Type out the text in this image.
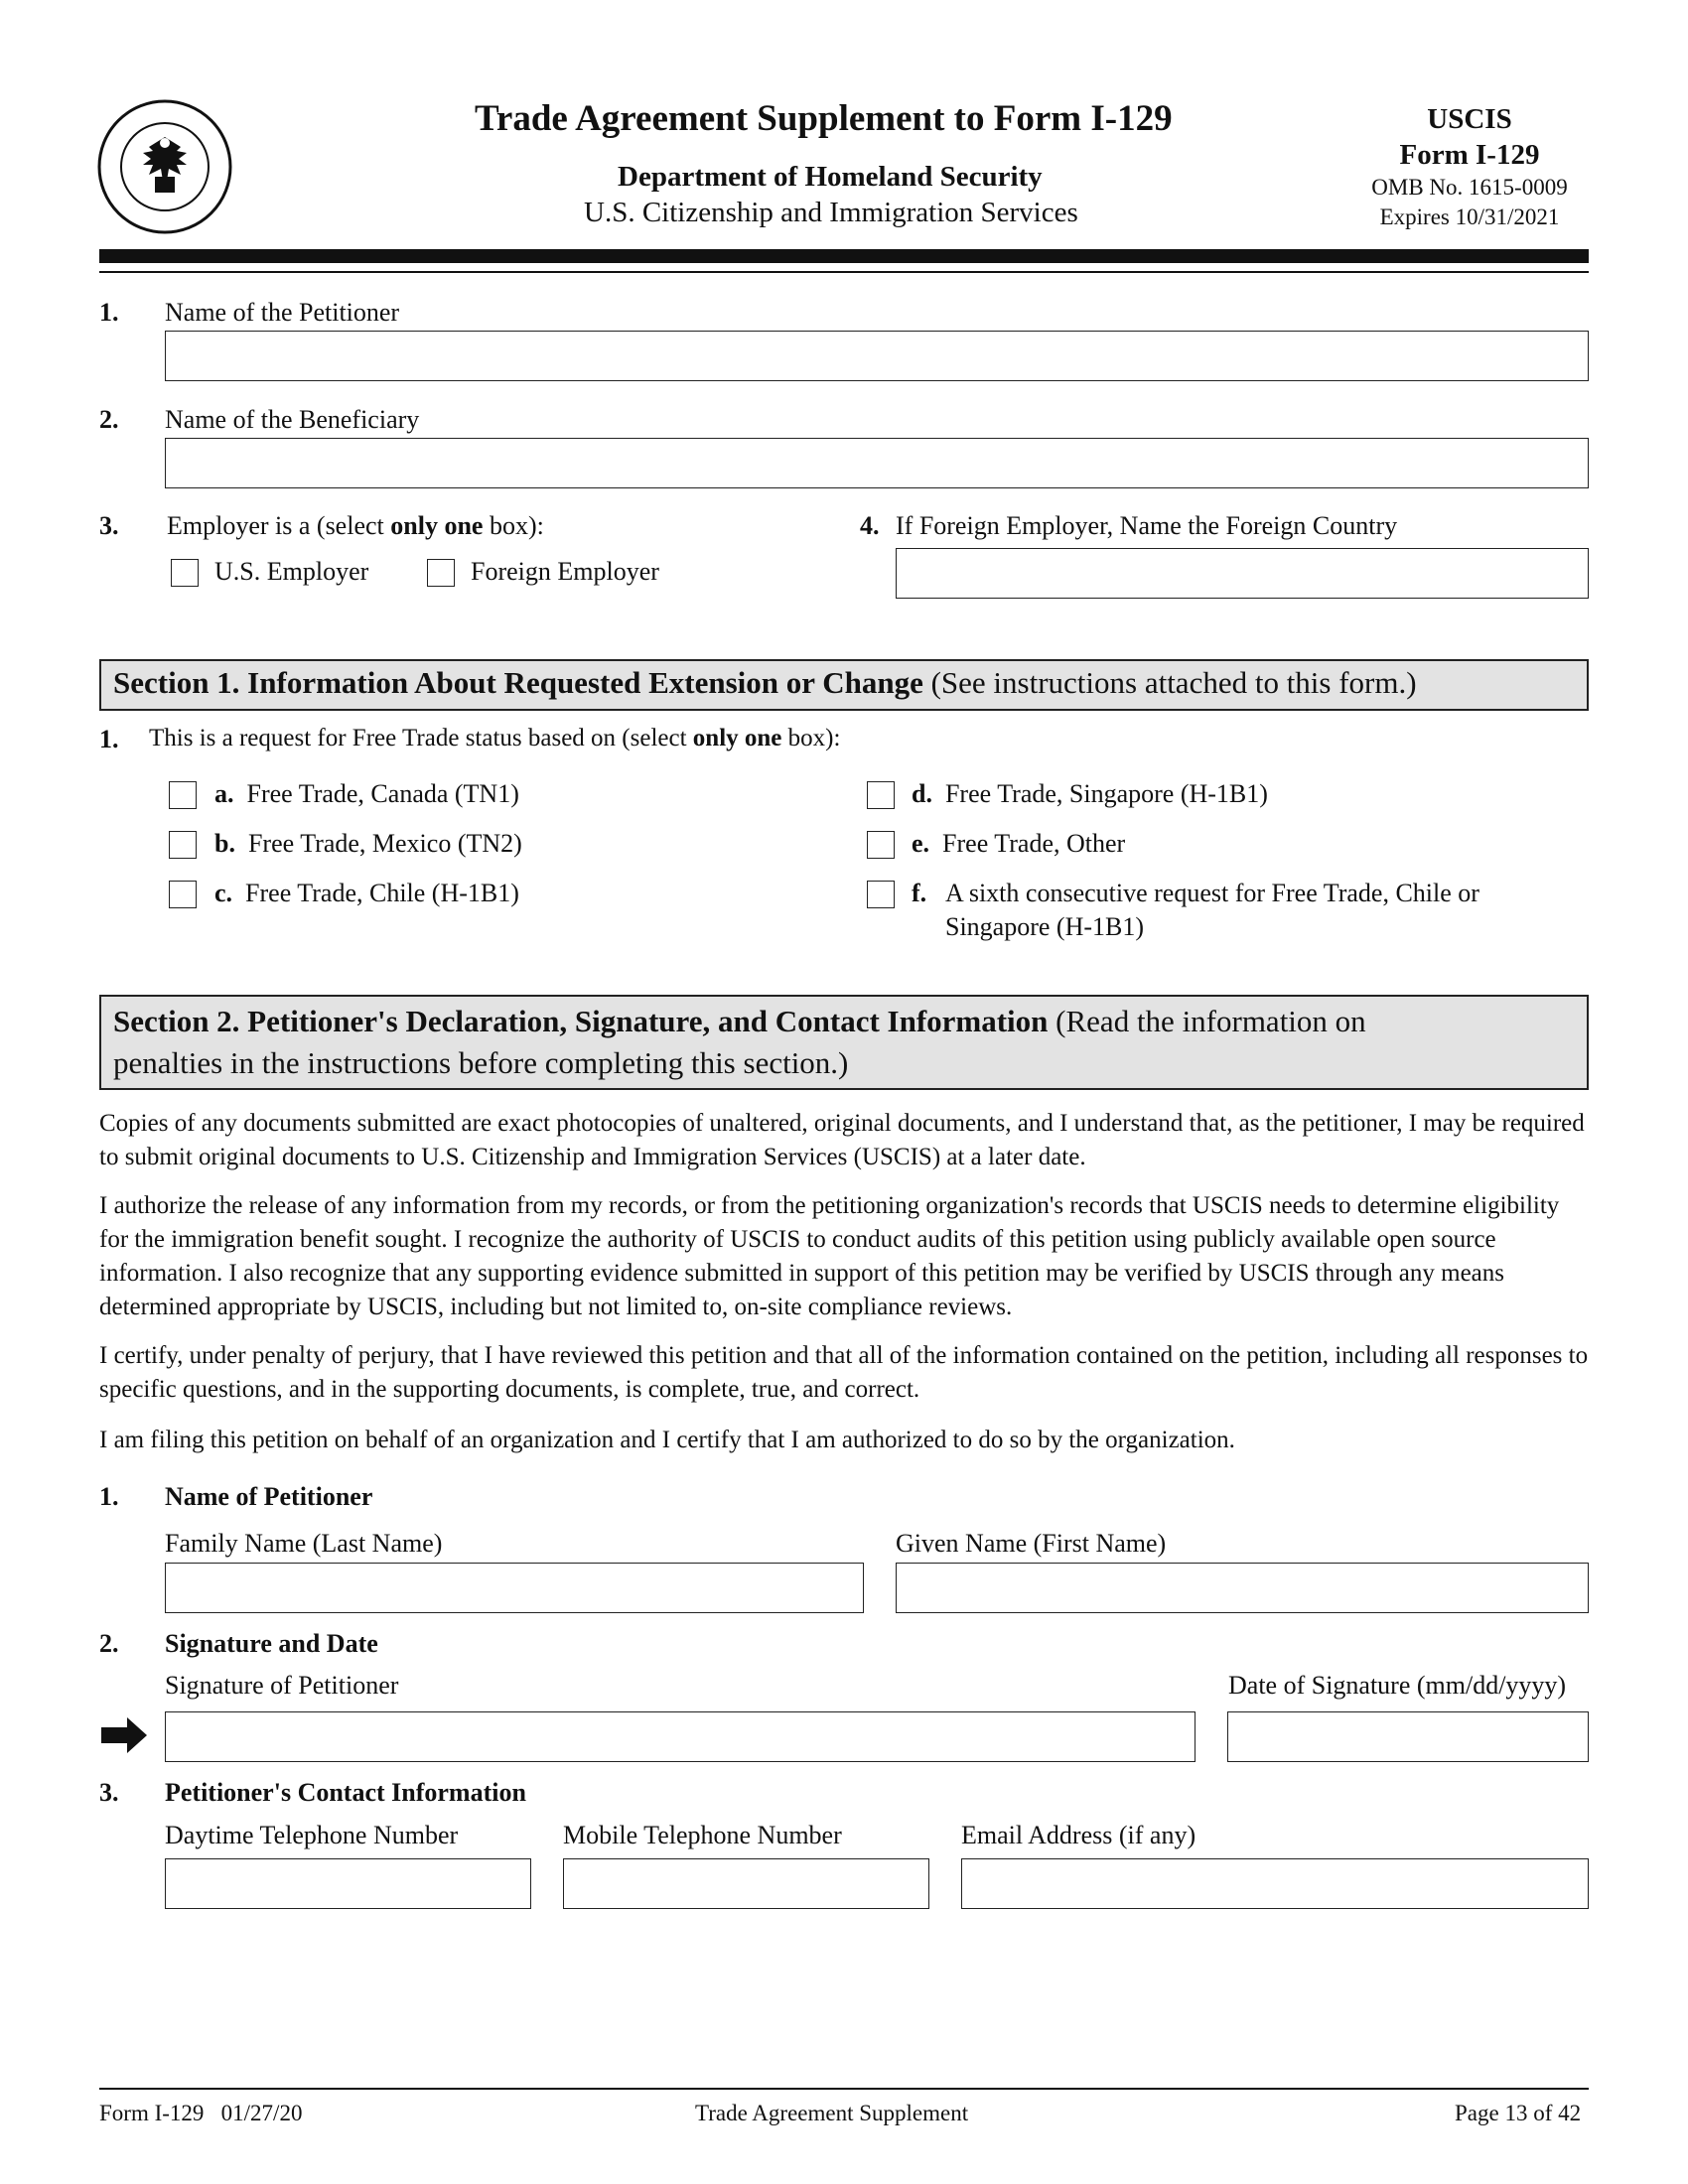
Trade Agreement Supplement to Form I-129
Department of Homeland Security
U.S. Citizenship and Immigration Services
USCIS
Form I-129
OMB No. 1615-0009
Expires 10/31/2021
1. Name of the Petitioner
2. Name of the Beneficiary
3. Employer is a (select only one box):
U.S. Employer	Foreign Employer
4. If Foreign Employer, Name the Foreign Country
Section 1. Information About Requested Extension or Change (See instructions attached to this form.)
1. This is a request for Free Trade status based on (select only one box):
a. Free Trade, Canada (TN1)
b. Free Trade, Mexico (TN2)
c. Free Trade, Chile (H-1B1)
d. Free Trade, Singapore (H-1B1)
e. Free Trade, Other
f. A sixth consecutive request for Free Trade, Chile or
Singapore (H-1B1)
Section 2. Petitioner's Declaration, Signature, and Contact Information (Read the information on
penalties in the instructions before completing this section.)
Copies of any documents submitted are exact photocopies of unaltered, original documents, and I understand that, as the petitioner, I may be required to submit original documents to U.S. Citizenship and Immigration Services (USCIS) at a later date.
I authorize the release of any information from my records, or from the petitioning organization's records that USCIS needs to determine eligibility for the immigration benefit sought. I recognize the authority of USCIS to conduct audits of this petition using publicly available open source information. I also recognize that any supporting evidence submitted in support of this petition may be verified by USCIS through any means determined appropriate by USCIS, including but not limited to, on-site compliance reviews.
I certify, under penalty of perjury, that I have reviewed this petition and that all of the information contained on the petition, including all responses to specific questions, and in the supporting documents, is complete, true, and correct.
I am filing this petition on behalf of an organization and I certify that I am authorized to do so by the organization.
1. Name of Petitioner
Family Name (Last Name)	Given Name (First Name)
2. Signature and Date
Signature of Petitioner	Date of Signature (mm/dd/yyyy)
3. Petitioner's Contact Information
Daytime Telephone Number	Mobile Telephone Number	Email Address (if any)
Form I-129   01/27/20	Trade Agreement Supplement	Page 13 of 42
